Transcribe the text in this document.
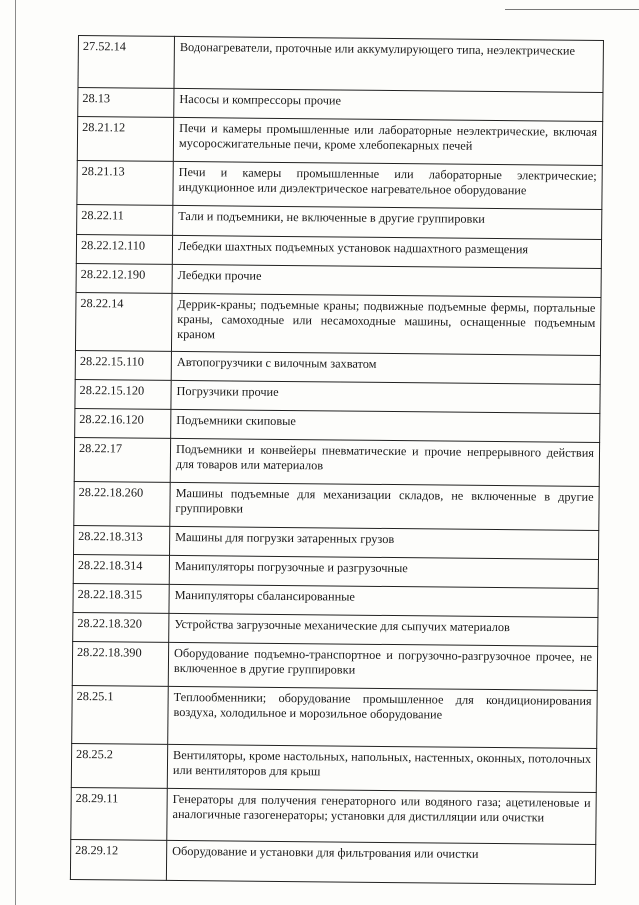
27.52.14	Водонагреватели, проточные или аккумулирующего типа, неэлектрические
28.13	Насосы и компрессоры прочие
28.21.12	Печи и камеры промышленные или лабораторные неэлектрические, включая мусоросжигательные печи, кроме хлебопекарных печей
28.21.13	Печи и камеры промышленные или лабораторные электрические; индукционное или диэлектрическое нагревательное оборудование
28.22.11	Тали и подъемники, не включенные в другие группировки
28.22.12.110	Лебедки шахтных подъемных установок надшахтного размещения
28.22.12.190	Лебедки прочие
28.22.14	Деррик-краны; подъемные краны; подвижные подъемные фермы, портальные краны, самоходные или несамоходные машины, оснащенные подъемным краном
28.22.15.110	Автопогрузчики с вилочным захватом
28.22.15.120	Погрузчики прочие
28.22.16.120	Подъемники скиповые
28.22.17	Подъемники и конвейеры пневматические и прочие непрерывного действия для товаров или материалов
28.22.18.260	Машины подъемные для механизации складов, не включенные в другие группировки
28.22.18.313	Машины для погрузки затаренных грузов
28.22.18.314	Манипуляторы погрузочные и разгрузочные
28.22.18.315	Манипуляторы сбалансированные
28.22.18.320	Устройства загрузочные механические для сыпучих материалов
28.22.18.390	Оборудование подъемно-транспортное и погрузочно-разгрузочное прочее, не включенное в другие группировки
28.25.1	Теплообменники; оборудование промышленное для кондиционирования воздуха, холодильное и морозильное оборудование
28.25.2	Вентиляторы, кроме настольных, напольных, настенных, оконных, потолочных или вентиляторов для крыш
28.29.11	Генераторы для получения генераторного или водяного газа; ацетиленовые и аналогичные газогенераторы; установки для дистилляции или очистки
28.29.12	Оборудование и установки для фильтрования или очистки
